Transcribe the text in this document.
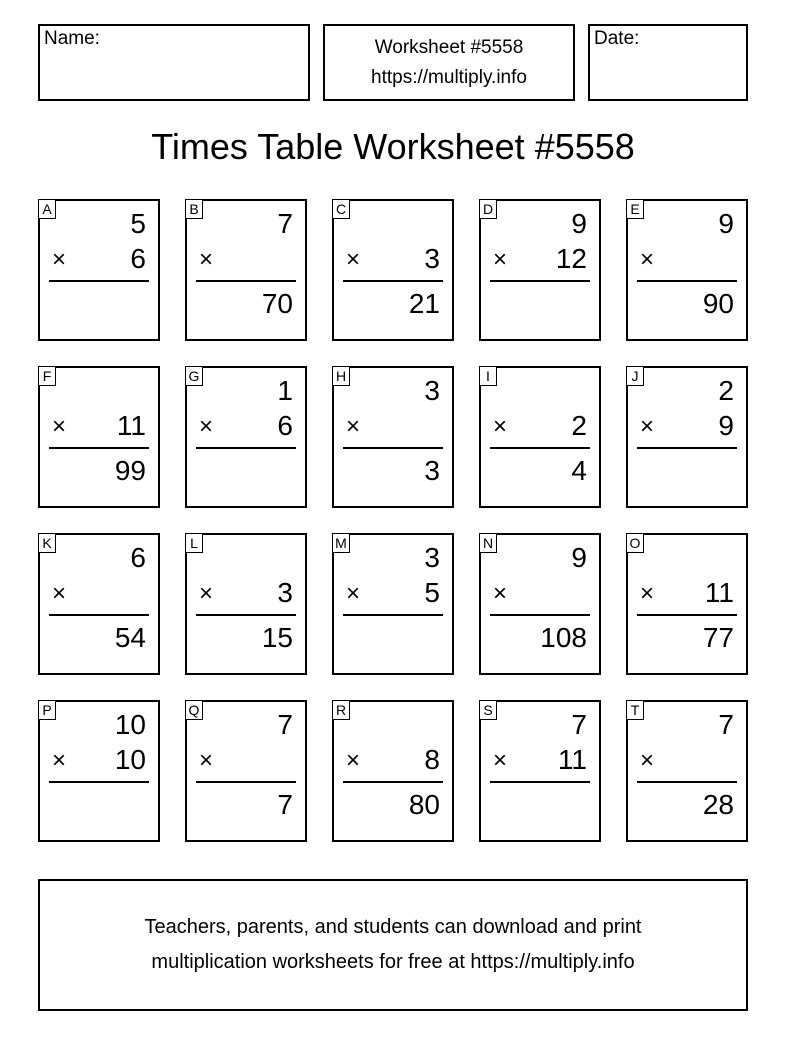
Name:	Worksheet #5558
https://multiply.info
Date:
Times Table Worksheet #5558
A	5
× 6
B	7
×
70
C
× 3
21
D	9
× 12
E	9
×
90
F
× 11
99
G	1
× 6
H	3
×
3
I
× 2
4
J	2
× 9
K	6
×
54
L
× 3
15
M	3
× 5
N	9
×
108
O
× 11
77
P 10
× 10
Q	7
×
7
R
× 8
80
S	7
× 11
T	7
×
28
Teachers, parents, and students can download and print
multiplication worksheets for free at https://multiply.info
